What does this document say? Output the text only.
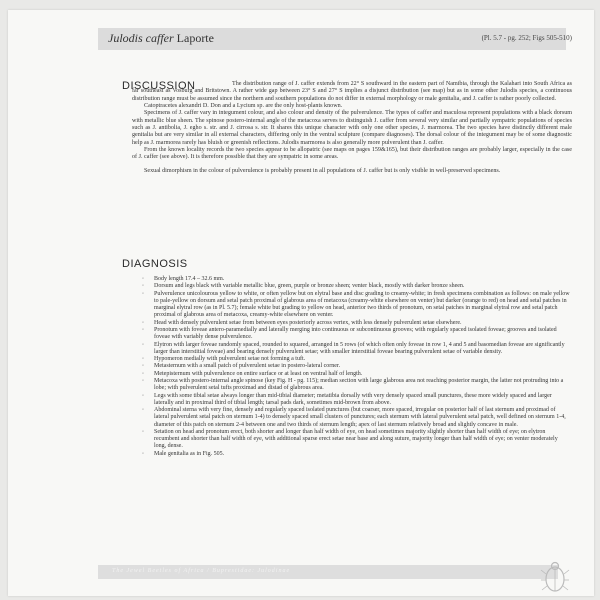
Julodis caffer Laporte	(Pl. 5.7 - pg. 252; Figs 505-510)
DISCUSSION	The distribution range of J. caffer extends from 22° S southward in the eastern part of Namibia, through the Kalahari into South Africa as far southeast as Vosburg and Britstown. A rather wide gap between 23° S and 27° S implies a disjunct distribution (see map) but as in some other Julodis species, a continuous distribution range must be assumed since the northern and southern populations do not differ in external morphology or male genitalia, and J. caffer is rather poorly collected.

Catoptracetes alexandri D. Don and a Lycium sp. are the only host-plants known.

Specimens of J. caffer vary in integument colour, and also colour and density of the pulverulence. The types of caffer and maculosa represent populations with a black dorsum with metallic blue sheen. The spinose postero-internal angle of the metacoxa serves to distinguish J. caffer from several very similar and partially sympatric populations of species such as J. antibolia, J. egho s. str. and J. cirrosa s. str. It shares this unique character with only one other species, J. marmorea. The two species have distinctly different male genitalia but are very similar in all external characters, differing only in the ventral sculpture (compare diagnoses). The dorsal colour of the integument may be of some diagnostic help as J. marmorea rarely has bluish or greenish reflections. Julodis marmorea is also generally more pulverulent than J. caffer.

From the known locality records the two species appear to be allopatric (see maps on pages 159&165), but their distribution ranges are probably larger, especially in the case of J. caffer (see above). It is therefore possible that they are sympatric in some areas.

Sexual dimorphism in the colour of pulverulence is probably present in all populations of J. caffer but is only visible in well-preserved specimens.

DIAGNOSIS
◦ Body length 17.4 – 32.6 mm.
◦ Dorsum and legs black with variable metallic blue, green, purple or bronze sheen; venter black, mostly with darker bronze sheen.
◦ Pulverulence unicolourous yellow to white, or often yellow but on elytral base and disc grading to creamy-white; in fresh specimens combination as follows: on male yellow to pale-yellow on dorsum and setal patch proximal of glabrous area of metacoxa (creamy-white elsewhere on venter) but darker (orange to red) on head and setal patches in marginal elytral row (as in Pl. 5.7); female white but grading to yellow on head, anterior two thirds of pronotum, on setal patches in marginal elytral row and setal patch proximal of glabrous area of metacoxa, creamy-white elsewhere on venter.
◦ Head with densely pulverulent setae from between eyes posteriorly across vertex, with less densely pulverulent setae elsewhere.
◦ Pronotum with foveae antero-paramedially and laterally merging into continuous or subcontinuous grooves; with regularly spaced isolated foveae; grooves and isolated foveae with variably dense pulverulence.
◦ Elytron with larger foveae randomly spaced, rounded to squared, arranged in 5 rows (of which often only foveae in row 1, 4 and 5 and basomedian foveae are significantly larger than interstitial foveae) and bearing densely pulverulent setae; with smaller interstitial foveae bearing pulverulent setae of variable density.
◦ Hypomeron medially with pulverulent setae not forming a tuft.
◦ Metasternum with a small patch of pulverulent setae in postero-lateral corner.
◦ Metepisternum with pulverulence on entire surface or at least on ventral half of length.
◦ Metacoxa with postero-internal angle spinose (key Fig. H - pg. 115); median section with large glabrous area not reaching posterior margin, the latter not protruding into a lobe; with pulverulent setal tufts proximad and distad of glabrous area.
◦ Legs with some tibial setae always longer than mid-tibial diameter; metatibia dorsally with very densely spaced small punctures, these more widely spaced and larger laterally and in proximal third of tibial length; tarsal pads dark, sometimes mid-brown from above.
◦ Abdominal sterna with very fine, densely and regularly spaced isolated punctures (but coarser, more spaced, irregular on posterior half of last sternum and proximad of lateral pulverulent setal patch on sternum 1-4) to densely spaced small clusters of punctures; each sternum with lateral pulverulent setal patch, well defined on sternum 1-4, diameter of this patch on sternum 2-4 between one and two thirds of sternum length; apex of last sternum relatively broad and slightly concave in male.
◦ Setation on head and pronotum erect, both shorter and longer than half width of eye, on head sometimes majority slightly shorter than half width of eye; on elytron recumbent and shorter than half width of eye, with additional sparse erect setae near base and along suture, majority longer than half width of eye; on venter moderately long, dense.
◦ Male genitalia as in Fig. 505.
The Jewel Beetles of Africa / Buprestidae: Julodinae
